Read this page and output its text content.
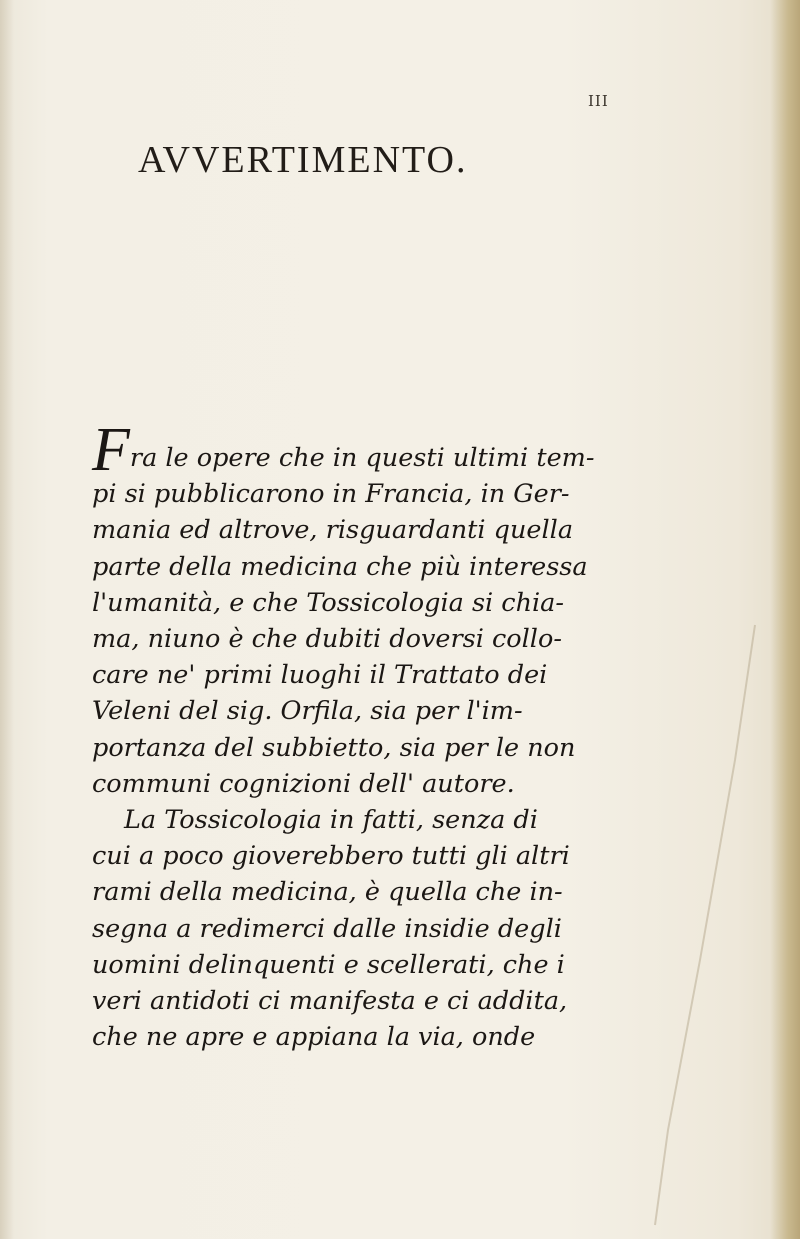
III
AVVERTIMENTO.
Fra le opere che in questi ultimi tem-
pi si pubblicarono in Francia, in Ger-
mania ed altrove, risguardanti quella
parte della medicina che più interessa
l'umanità, e che Tossicologia si chia-
ma, niuno è che dubiti doversi collo-
care ne' primi luoghi il Trattato dei
Veleni del sig. Orfila, sia per l'im-
portanza del subbietto, sia per le non
communi cognizioni dell' autore.
La Tossicologia in fatti, senza di
cui a poco gioverebbero tutti gli altri
rami della medicina, è quella che in-
segna a redimerci dalle insidie degli
uomini delinquenti e scellerati, che i
veri antidoti ci manifesta e ci addita,
che ne apre e appiana la via, onde
